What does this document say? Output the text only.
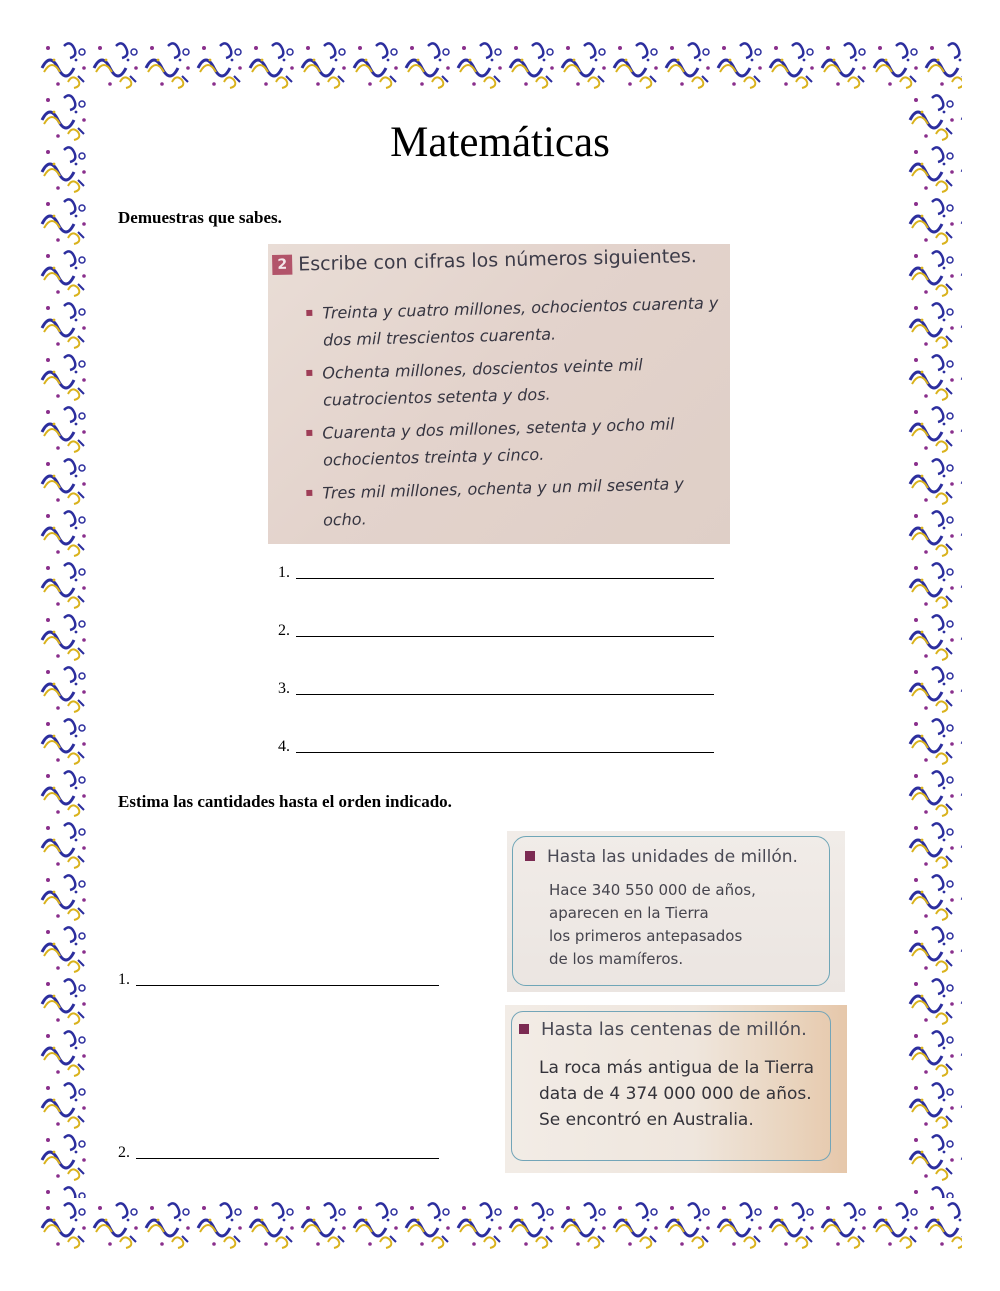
Matemáticas
Demuestras que sabes.
2 Escribe con cifras los números siguientes.
Treinta y cuatro millones, ochocientos cuarenta y dos mil trescientos cuarenta.
Ochenta millones, doscientos veinte mil cuatrocientos setenta y dos.
Cuarenta y dos millones, setenta y ocho mil ochocientos treinta y cinco.
Tres mil millones, ochenta y un mil sesenta y ocho.
1.
2.
3.
4.
Estima las cantidades hasta el orden indicado.
1.
2.
Hasta las unidades de millón.
Hace 340 550 000 de años,
aparecen en la Tierra
los primeros antepasados
de los mamíferos.
Hasta las centenas de millón.
La roca más antigua de la Tierra
data de 4 374 000 000 de años.
Se encontró en Australia.
